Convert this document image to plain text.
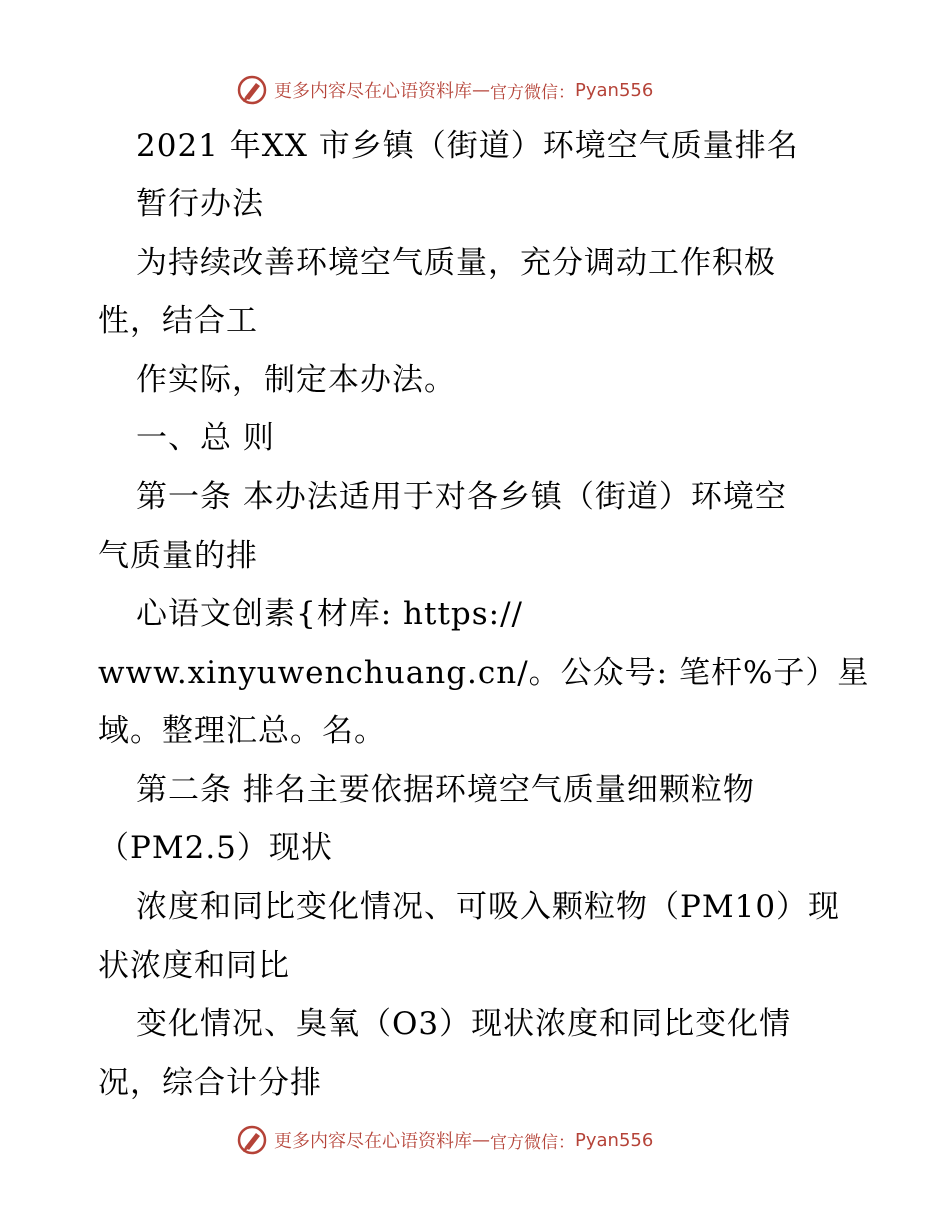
更多内容尽在心语资料库 — 官方微信： Pyan556
2021 年XX 市乡镇（街道）环境空气质量排名
暂行办法
为持续改善环境空气质量，充分调动工作积极
性，结合工
作实际，制定本办法。
一、总 则
第一条 本办法适用于对各乡镇（街道）环境空
气质量的排
心语文创素{材库: https://
www.xinyuwenchuang.cn/。公众号: 笔杆%子）星
域。整理汇总。名。
第二条 排名主要依据环境空气质量细颗粒物
（PM2.5）现状
浓度和同比变化情况、可吸入颗粒物（PM10）现
状浓度和同比
变化情况、臭氧（O3）现状浓度和同比变化情
况，综合计分排
更多内容尽在心语资料库 — 官方微信： Pyan556
